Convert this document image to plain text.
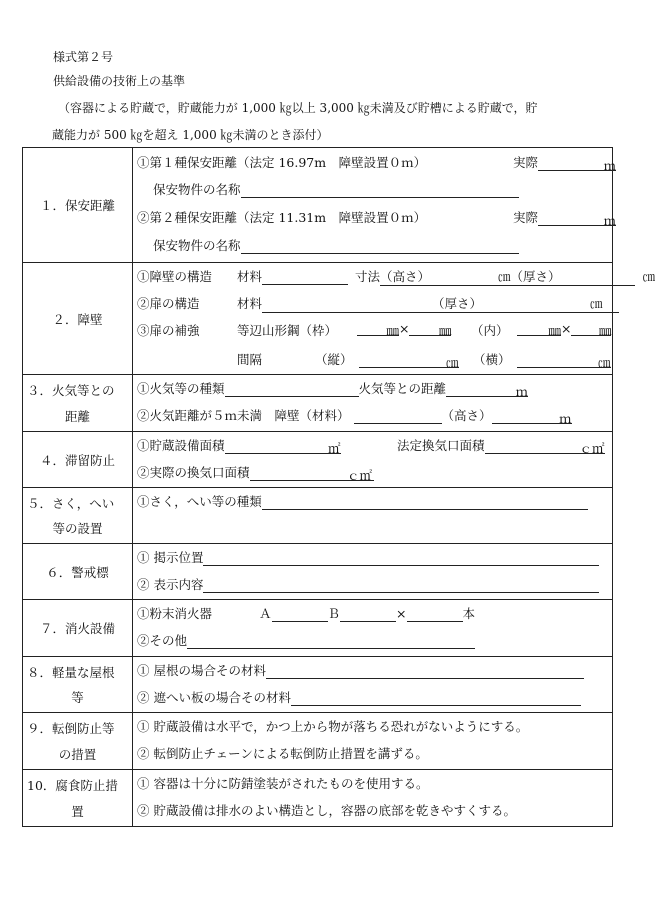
様式第２号
供給設備の技術上の基準
（容器による貯蔵で，貯蔵能力が 1,000 ㎏以上 3,000 ㎏未満及び貯槽による貯蔵で，貯
蔵能力が 500 ㎏を超え 1,000 ㎏未満のとき添付）
１．保安距離
①第１種保安距離（法定 16.97m　障壁設置０ｍ）	実際	ｍ
保安物件の名称
②第２種保安距離（法定 11.31m　障壁設置０ｍ）	実際	ｍ
保安物件の名称
２．障壁
①障壁の構造 材料	寸法（高さ）	㎝（厚さ）	㎝
②扉の構造	材料	（厚さ）	㎝
③扉の補強	等辺山形鋼（枠）	㎜× ㎜ （内）	㎜× ㎜
間隔	（縦）	㎝ （横）	㎝
３．火気等との
距離
①火気等の種類	火気等との距離	ｍ
②火気距離が５ｍ未満　障壁（材料）	（高さ）	ｍ
４．滞留防止
①貯蔵設備面積	㎡	法定換気口面積	ｃ㎡
②実際の換気口面積	ｃ㎡
５．さく，へい
等の設置
①さく，へい等の種類
６．警戒標
① 掲示位置
② 表示内容
７．消火設備
①粉末消火器	Ａ	Ｂ	×	本
②その他
８．軽量な屋根
等
① 屋根の場合その材料
② 遮へい板の場合その材料
９．転倒防止等
の措置
① 貯蔵設備は水平で，かつ上から物が落ちる恐れがないようにする。
② 転倒防止チェーンによる転倒防止措置を講ずる。
10．腐食防止措
置
① 容器は十分に防錆塗装がされたものを使用する。
② 貯蔵設備は排水のよい構造とし，容器の底部を乾きやすくする。
